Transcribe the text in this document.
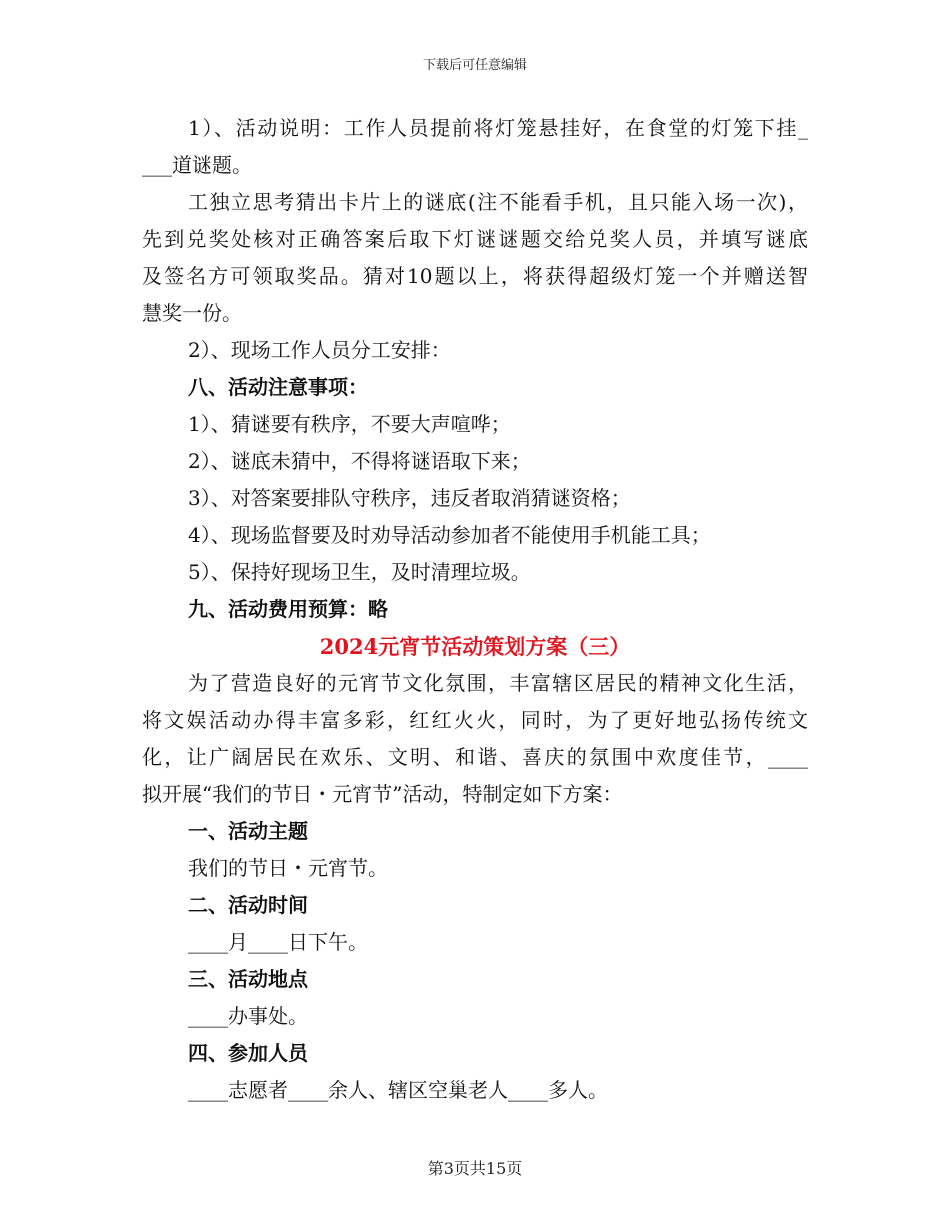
下载后可任意编辑
1）、活动说明：工作人员提前将灯笼悬挂好，在食堂的灯笼下挂_
___道谜题。
工独立思考猜出卡片上的谜底(注不能看手机，且只能入场一次)，
先到兑奖处核对正确答案后取下灯谜谜题交给兑奖人员，并填写谜底
及签名方可领取奖品。猜对10题以上，将获得超级灯笼一个并赠送智
慧奖一份。
2）、现场工作人员分工安排：
八、活动注意事项：
1）、猜谜要有秩序，不要大声喧哗；
2）、谜底未猜中，不得将谜语取下来；
3）、对答案要排队守秩序，违反者取消猜谜资格；
4）、现场监督要及时劝导活动参加者不能使用手机能工具；
5）、保持好现场卫生，及时清理垃圾。
九、活动费用预算：略
2024元宵节活动策划方案（三）
为了营造良好的元宵节文化氛围，丰富辖区居民的精神文化生活，
将文娱活动办得丰富多彩，红红火火，同时，为了更好地弘扬传统文
化，让广阔居民在欢乐、文明、和谐、喜庆的氛围中欢度佳节，____
拟开展“我们的节日・元宵节”活动，特制定如下方案：
一、活动主题
我们的节日・元宵节。
二、活动时间
____月____日下午。
三、活动地点
____办事处。
四、参加人员
____志愿者____余人、辖区空巢老人____多人。
第3页共15页
